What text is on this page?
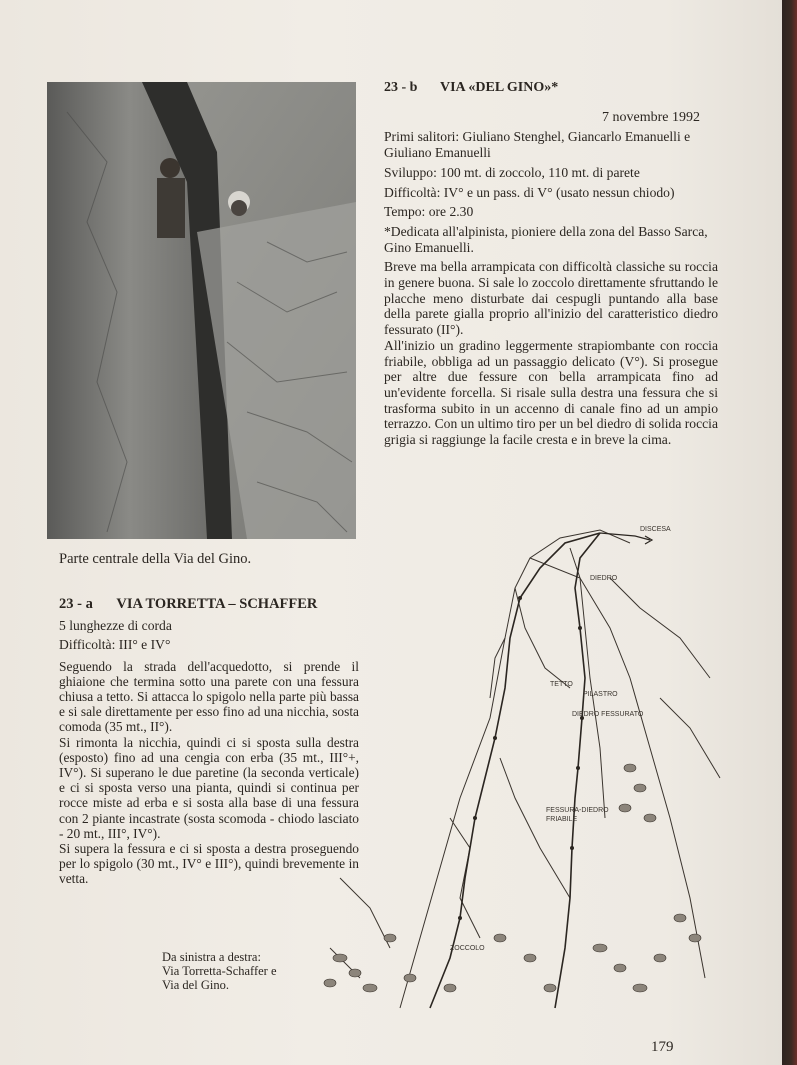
Parte centrale della Via del Gino.
23 - b	VIA «DEL GINO»*
7 novembre 1992
Primi salitori: Giuliano Stenghel, Giancarlo Emanuelli e Giuliano Emanuelli
Sviluppo: 100 mt. di zoccolo, 110 mt. di parete
Difficoltà: IV° e un pass. di V° (usato nessun chiodo)
Tempo: ore 2.30
*Dedicata all'alpinista, pioniere della zona del Basso Sarca, Gino Emanuelli.
Breve ma bella arrampicata con difficoltà classiche su roccia in genere buona. Si sale lo zoccolo direttamente sfruttando le placche meno disturbate dai cespugli puntando alla base della parete gialla proprio all'inizio del caratteristico diedro fessurato (II°).
All'inizio un gradino leggermente strapiombante con roccia friabile, obbliga ad un passaggio delicato (V°). Si prosegue per altre due fessure con bella arrampicata fino ad un'evidente forcella. Si risale sulla destra una fessura che si trasforma subito in un accenno di canale fino ad un ampio terrazzo. Con un ultimo tiro per un bel diedro di solida roccia grigia si raggiunge la facile cresta e in breve la cima.
23 - a VIA TORRETTA – SCHAFFER
5 lunghezze di corda
Difficoltà: III° e IV°
Seguendo la strada dell'acquedotto, si prende il ghiaione che termina sotto una parete con una fessura chiusa a tetto. Si attacca lo spigolo nella parte più bassa e si sale direttamente per esso fino ad una nicchia, sosta comoda (35 mt., II°).
Si rimonta la nicchia, quindi ci si sposta sulla destra (esposto) fino ad una cengia con erba (35 mt., III°+, IV°). Si superano le due paretine (la seconda verticale) e ci si sposta verso una pianta, quindi si continua per rocce miste ad erba e si sosta alla base di una fessura con 2 piante incastrate (sosta scomoda - chiodo lasciato - 20 mt., III°, IV°).
Si supera la fessura e ci si sposta a destra proseguendo per lo spigolo (30 mt., IV° e III°), quindi brevemente in vetta.
DISCESA
DIEDRO
TETTO
PILASTRO
DIEDRO FESSURATO
FESSURA-DIEDRO
FRIABILE
ZOCCOLO
Da sinistra a destra:
Via Torretta-Schaffer e
Via del Gino.
179
